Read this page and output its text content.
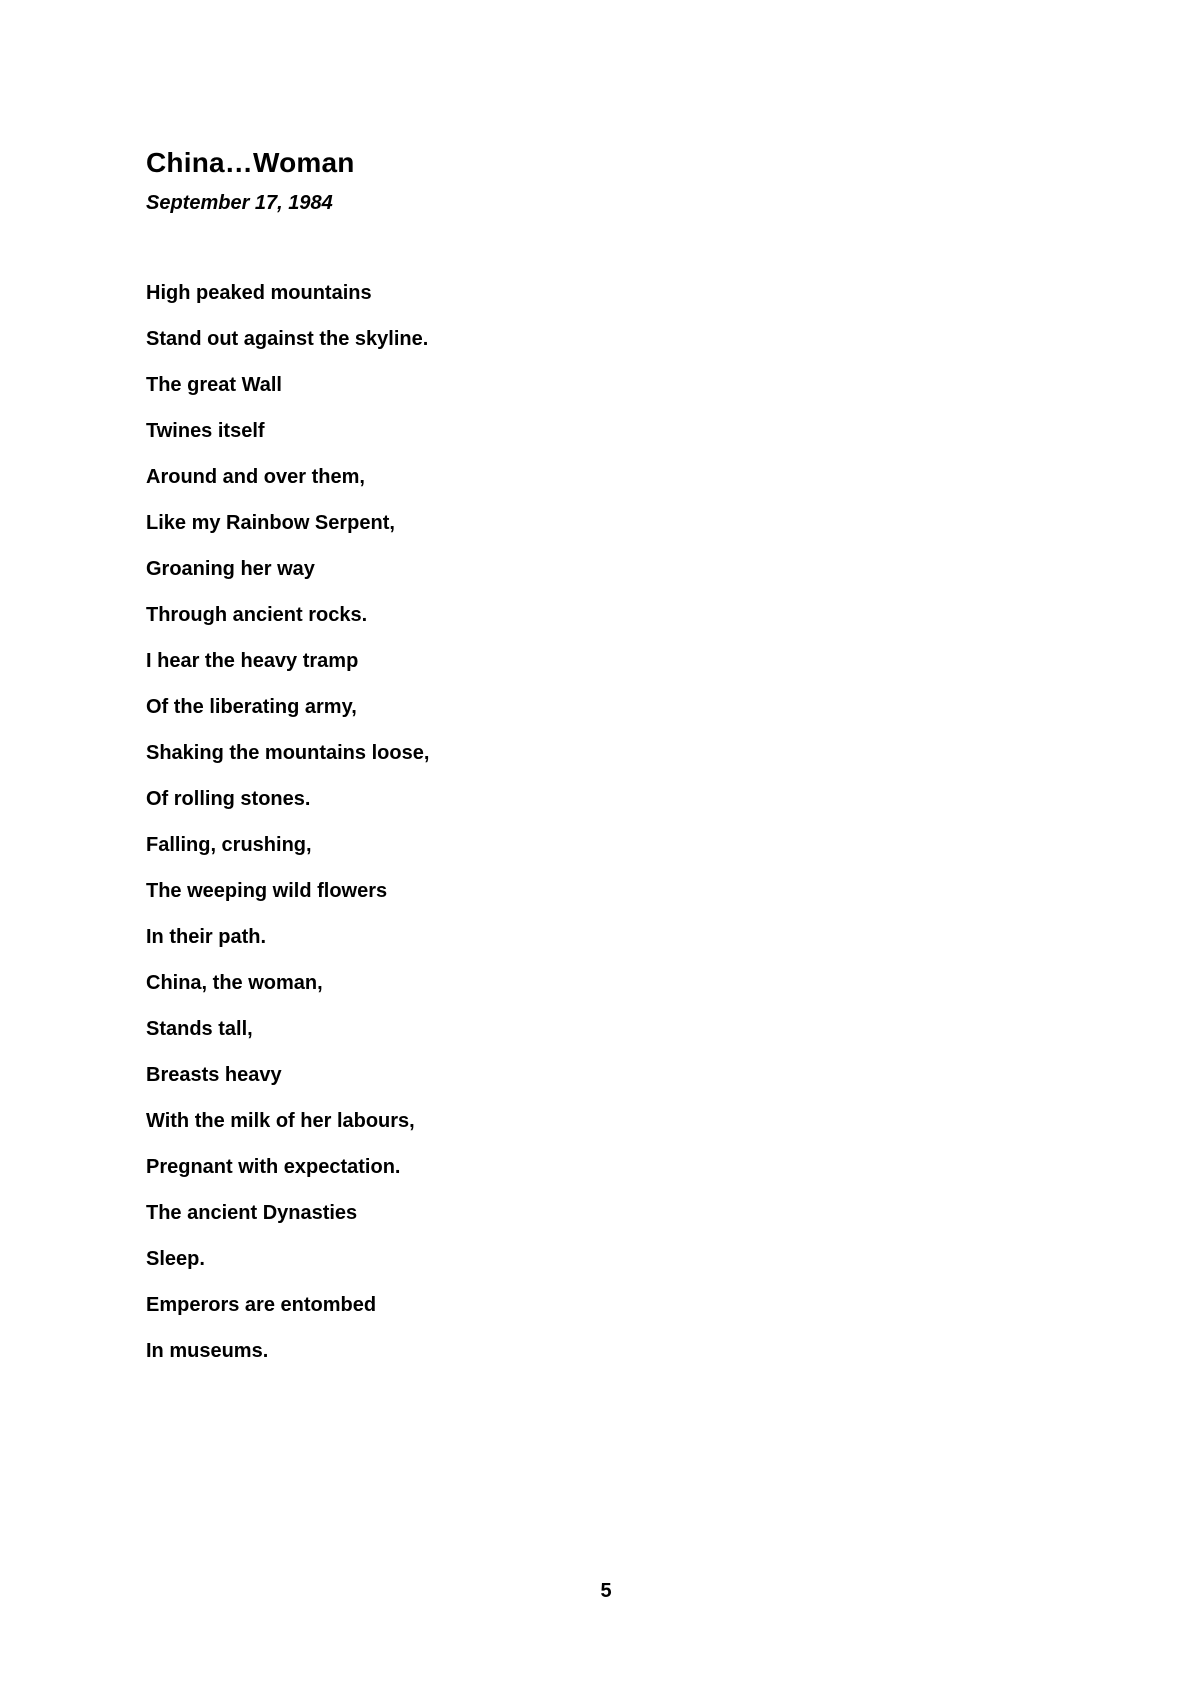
China…Woman

September 17, 1984

High peaked mountains
Stand out against the skyline.
The great Wall
Twines itself
Around and over them,
Like my Rainbow Serpent,
Groaning her way
Through ancient rocks.
I hear the heavy tramp
Of the liberating army,
Shaking the mountains loose,
Of rolling stones.
Falling, crushing,
The weeping wild flowers
In their path.
China, the woman,
Stands tall,
Breasts heavy
With the milk of her labours,
Pregnant with expectation.
The ancient Dynasties
Sleep.
Emperors are entombed
In museums.
5
